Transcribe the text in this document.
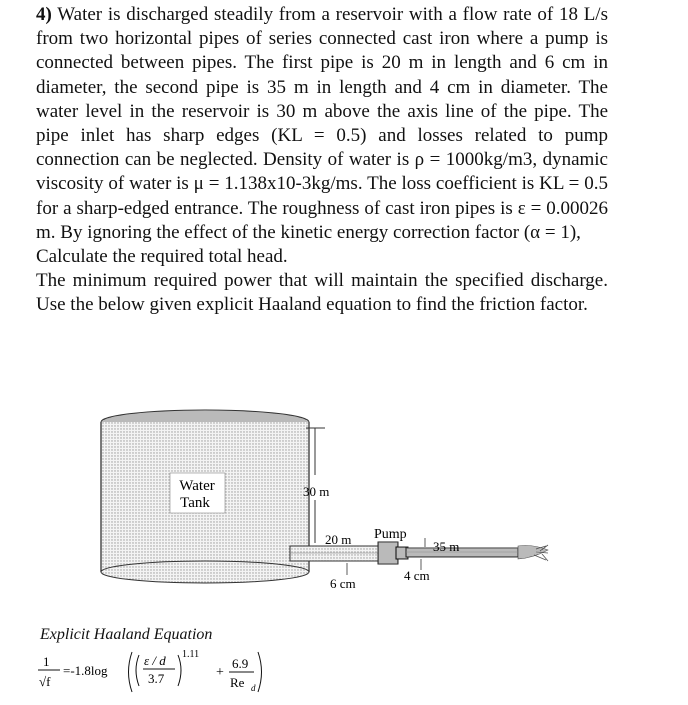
4) Water is discharged steadily from a reservoir with a flow rate of 18 L/s from two horizontal pipes of series connected cast iron where a pump is connected between pipes. The first pipe is 20 m in length and 6 cm in diameter, the second pipe is 35 m in length and 4 cm in diameter. The water level in the reservoir is 30 m above the axis line of the pipe. The pipe inlet has sharp edges (KL = 0.5) and losses related to pump connection can be neglected. Density of water is ρ = 1000kg/m3, dynamic viscosity of water is μ = 1.138x10-3kg/ms. The loss coefficient is KL = 0.5 for a sharp-edged entrance. The roughness of cast iron pipes is ε = 0.00026 m. By ignoring the effect of the kinetic energy correction factor (α = 1),
Calculate the required total head.
The minimum required power that will maintain the specified discharge. Use the below given explicit Haaland equation to find the friction factor.
Water
Tank
30 m
20 m Pump
35 m
6 cm
4 cm
Explicit Haaland Equation
1
√f
=-1.8log
ε / d
3.7
1.11
+
6.9
Re d
